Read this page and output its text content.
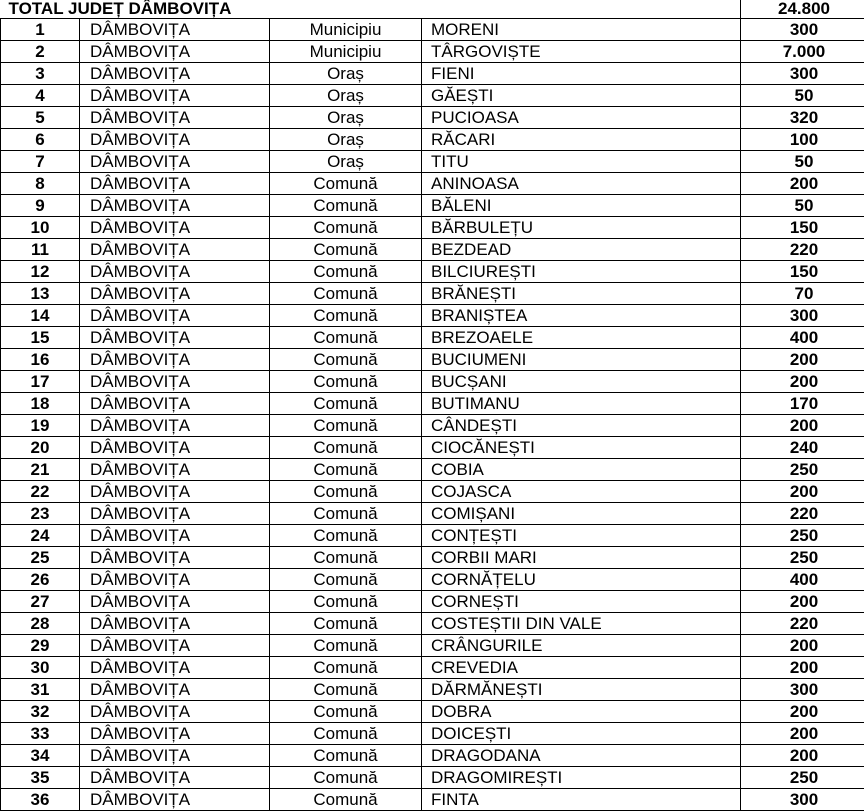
TOTAL JUDEȚ DÂMBOVIȚA				24.800
1	DÂMBOVIȚA	Municipiu	MORENI	300
2	DÂMBOVIȚA	Municipiu	TÂRGOVIȘTE	7.000
3	DÂMBOVIȚA	Oraș	FIENI	300
4	DÂMBOVIȚA	Oraș	GĂEȘTI	50
5	DÂMBOVIȚA	Oraș	PUCIOASA	320
6	DÂMBOVIȚA	Oraș	RĂCARI	100
7	DÂMBOVIȚA	Oraș	TITU	50
8	DÂMBOVIȚA	Comună	ANINOASA	200
9	DÂMBOVIȚA	Comună	BĂLENI	50
10	DÂMBOVIȚA	Comună	BĂRBULEȚU	150
11	DÂMBOVIȚA	Comună	BEZDEAD	220
12	DÂMBOVIȚA	Comună	BILCIUREȘTI	150
13	DÂMBOVIȚA	Comună	BRĂNEȘTI	70
14	DÂMBOVIȚA	Comună	BRANIȘTEA	300
15	DÂMBOVIȚA	Comună	BREZOAELE	400
16	DÂMBOVIȚA	Comună	BUCIUMENI	200
17	DÂMBOVIȚA	Comună	BUCȘANI	200
18	DÂMBOVIȚA	Comună	BUTIMANU	170
19	DÂMBOVIȚA	Comună	CÂNDEȘTI	200
20	DÂMBOVIȚA	Comună	CIOCĂNEȘTI	240
21	DÂMBOVIȚA	Comună	COBIA	250
22	DÂMBOVIȚA	Comună	COJASCA	200
23	DÂMBOVIȚA	Comună	COMIȘANI	220
24	DÂMBOVIȚA	Comună	CONȚEȘTI	250
25	DÂMBOVIȚA	Comună	CORBII MARI	250
26	DÂMBOVIȚA	Comună	CORNĂȚELU	400
27	DÂMBOVIȚA	Comună	CORNEȘTI	200
28	DÂMBOVIȚA	Comună	COSTEȘTII DIN VALE	220
29	DÂMBOVIȚA	Comună	CRÂNGURILE	200
30	DÂMBOVIȚA	Comună	CREVEDIA	200
31	DÂMBOVIȚA	Comună	DĂRMĂNEȘTI	300
32	DÂMBOVIȚA	Comună	DOBRA	200
33	DÂMBOVIȚA	Comună	DOICEȘTI	200
34	DÂMBOVIȚA	Comună	DRAGODANA	200
35	DÂMBOVIȚA	Comună	DRAGOMIREȘTI	250
36	DÂMBOVIȚA	Comună	FINTA	300
